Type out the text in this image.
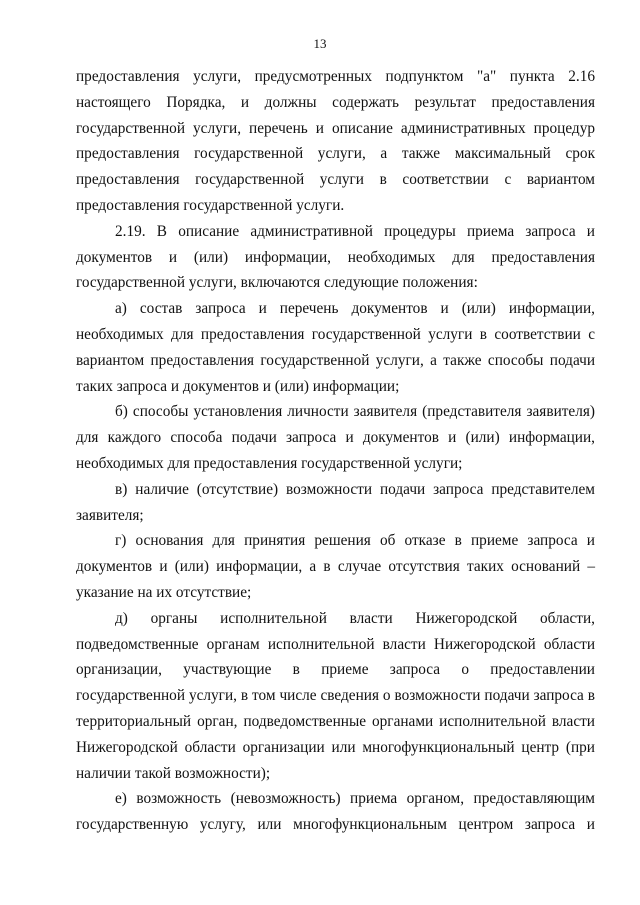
13

предоставления услуги, предусмотренных подпунктом "а" пункта 2.16 настоящего Порядка, и должны содержать результат предоставления государственной услуги, перечень и описание административных процедур предоставления государственной услуги, а также максимальный срок предоставления государственной услуги в соответствии с вариантом предоставления государственной услуги.

2.19. В описание административной процедуры приема запроса и документов и (или) информации, необходимых для предоставления государственной услуги, включаются следующие положения:

а) состав запроса и перечень документов и (или) информации, необходимых для предоставления государственной услуги в соответствии с вариантом предоставления государственной услуги, а также способы подачи таких запроса и документов и (или) информации;

б) способы установления личности заявителя (представителя заявителя) для каждого способа подачи запроса и документов и (или) информации, необходимых для предоставления государственной услуги;

в) наличие (отсутствие) возможности подачи запроса представителем заявителя;

г) основания для принятия решения об отказе в приеме запроса и документов и (или) информации, а в случае отсутствия таких оснований – указание на их отсутствие;

д) органы исполнительной власти Нижегородской области, подведомственные органам исполнительной власти Нижегородской области организации, участвующие в приеме запроса о предоставлении государственной услуги, в том числе сведения о возможности подачи запроса в территориальный орган, подведомственные органами исполнительной власти Нижегородской области организации или многофункциональный центр (при наличии такой возможности);

е) возможность (невозможность) приема органом, предоставляющим государственную услугу, или многофункциональным центром запроса и
